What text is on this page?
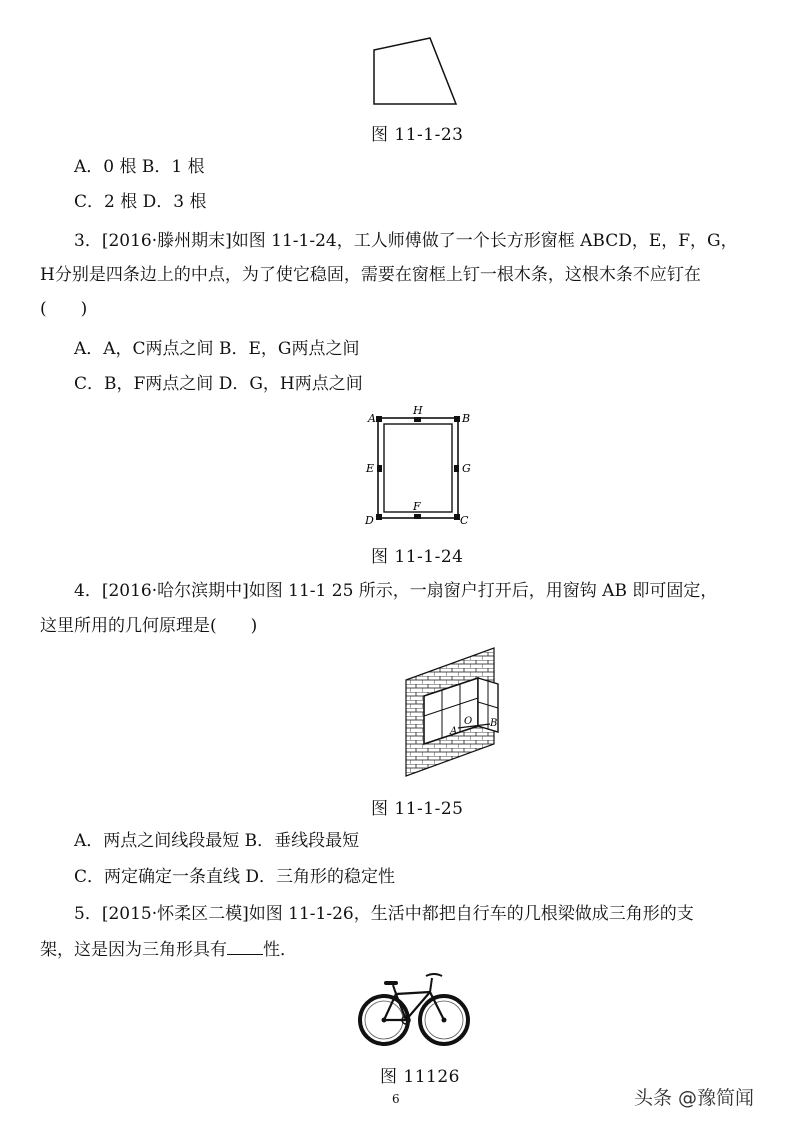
图 11-1-23
A．0 根 B．1 根
C．2 根 D．3 根
3．[2016·滕州期末]如图 11-1-24，工人师傅做了一个长方形窗框 ABCD，E，F，G，
H分别是四条边上的中点，为了使它稳固，需要在窗框上钉一根木条，这根木条不应钉在
(　　)
A．A，C两点之间 B．E，G两点之间
C．B，F两点之间 D．G，H两点之间
A	B
C
D
E
F
G
H
图 11-1-24
4．[2016·哈尔滨期中]如图 11-1 25 所示，一扇窗户打开后，用窗钩 AB 即可固定，
这里所用的几何原理是(　　)
A
O B
图 11-1-25
A．两点之间线段最短 B．垂线段最短
C．两定确定一条直线 D．三角形的稳定性
5．[2015·怀柔区二模]如图 11-1-26，生活中都把自行车的几根梁做成三角形的支
架，这是因为三角形具有 性．
图 11126
6	头条 @豫简闻
